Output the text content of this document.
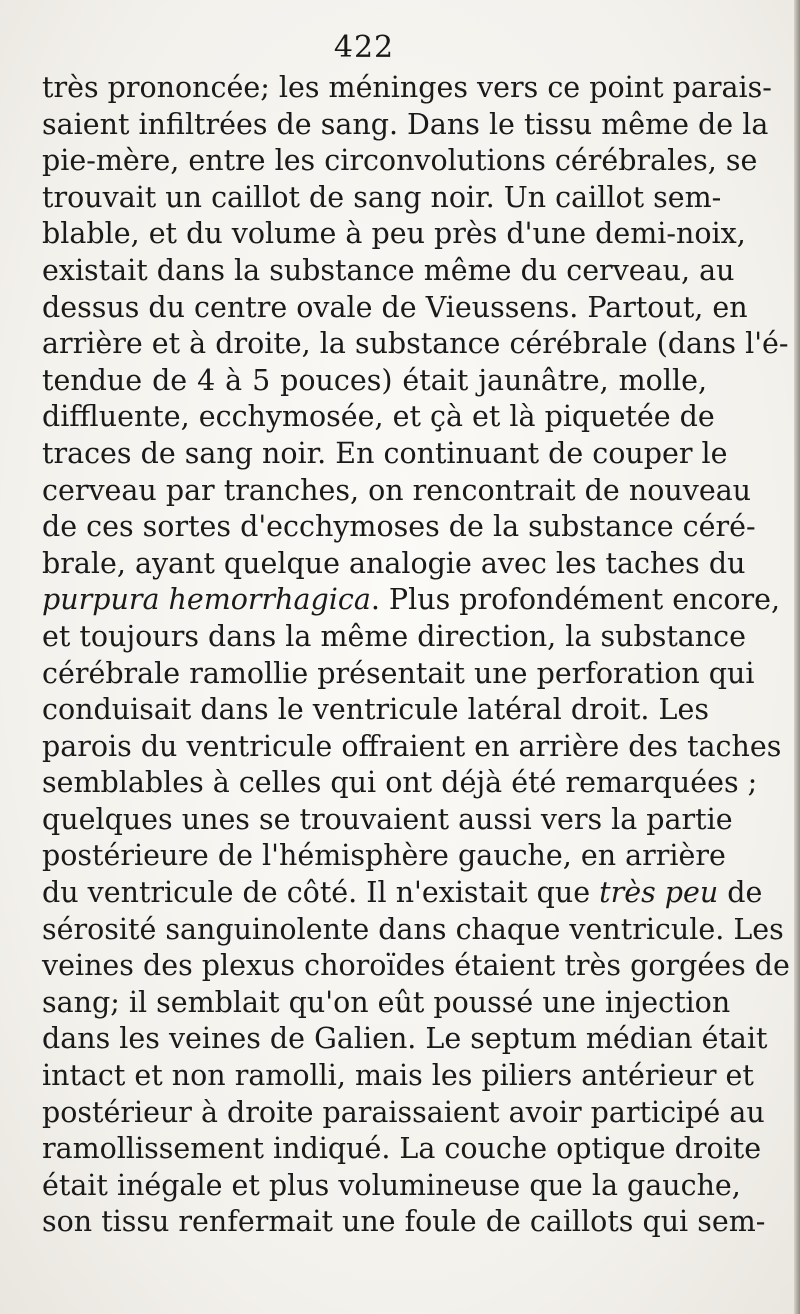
422
très prononcée; les méninges vers ce point parais-
saient infiltrées de sang. Dans le tissu même de la
pie-mère, entre les circonvolutions cérébrales, se
trouvait un caillot de sang noir. Un caillot sem-
blable, et du volume à peu près d'une demi-noix,
existait dans la substance même du cerveau, au
dessus du centre ovale de Vieussens. Partout, en
arrière et à droite, la substance cérébrale (dans l'é-
tendue de 4 à 5 pouces) était jaunâtre, molle,
diffluente, ecchymosée, et çà et là piquetée de
traces de sang noir. En continuant de couper le
cerveau par tranches, on rencontrait de nouveau
de ces sortes d'ecchymoses de la substance céré-
brale, ayant quelque analogie avec les taches du
purpura hemorrhagica. Plus profondément encore,
et toujours dans la même direction, la substance
cérébrale ramollie présentait une perforation qui
conduisait dans le ventricule latéral droit. Les
parois du ventricule offraient en arrière des taches
semblables à celles qui ont déjà été remarquées ;
quelques unes se trouvaient aussi vers la partie
postérieure de l'hémisphère gauche, en arrière
du ventricule de côté. Il n'existait que très peu de
sérosité sanguinolente dans chaque ventricule. Les
veines des plexus choroïdes étaient très gorgées de
sang; il semblait qu'on eût poussé une injection
dans les veines de Galien. Le septum médian était
intact et non ramolli, mais les piliers antérieur et
postérieur à droite paraissaient avoir participé au
ramollissement indiqué. La couche optique droite
était inégale et plus volumineuse que la gauche,
son tissu renfermait une foule de caillots qui sem-
